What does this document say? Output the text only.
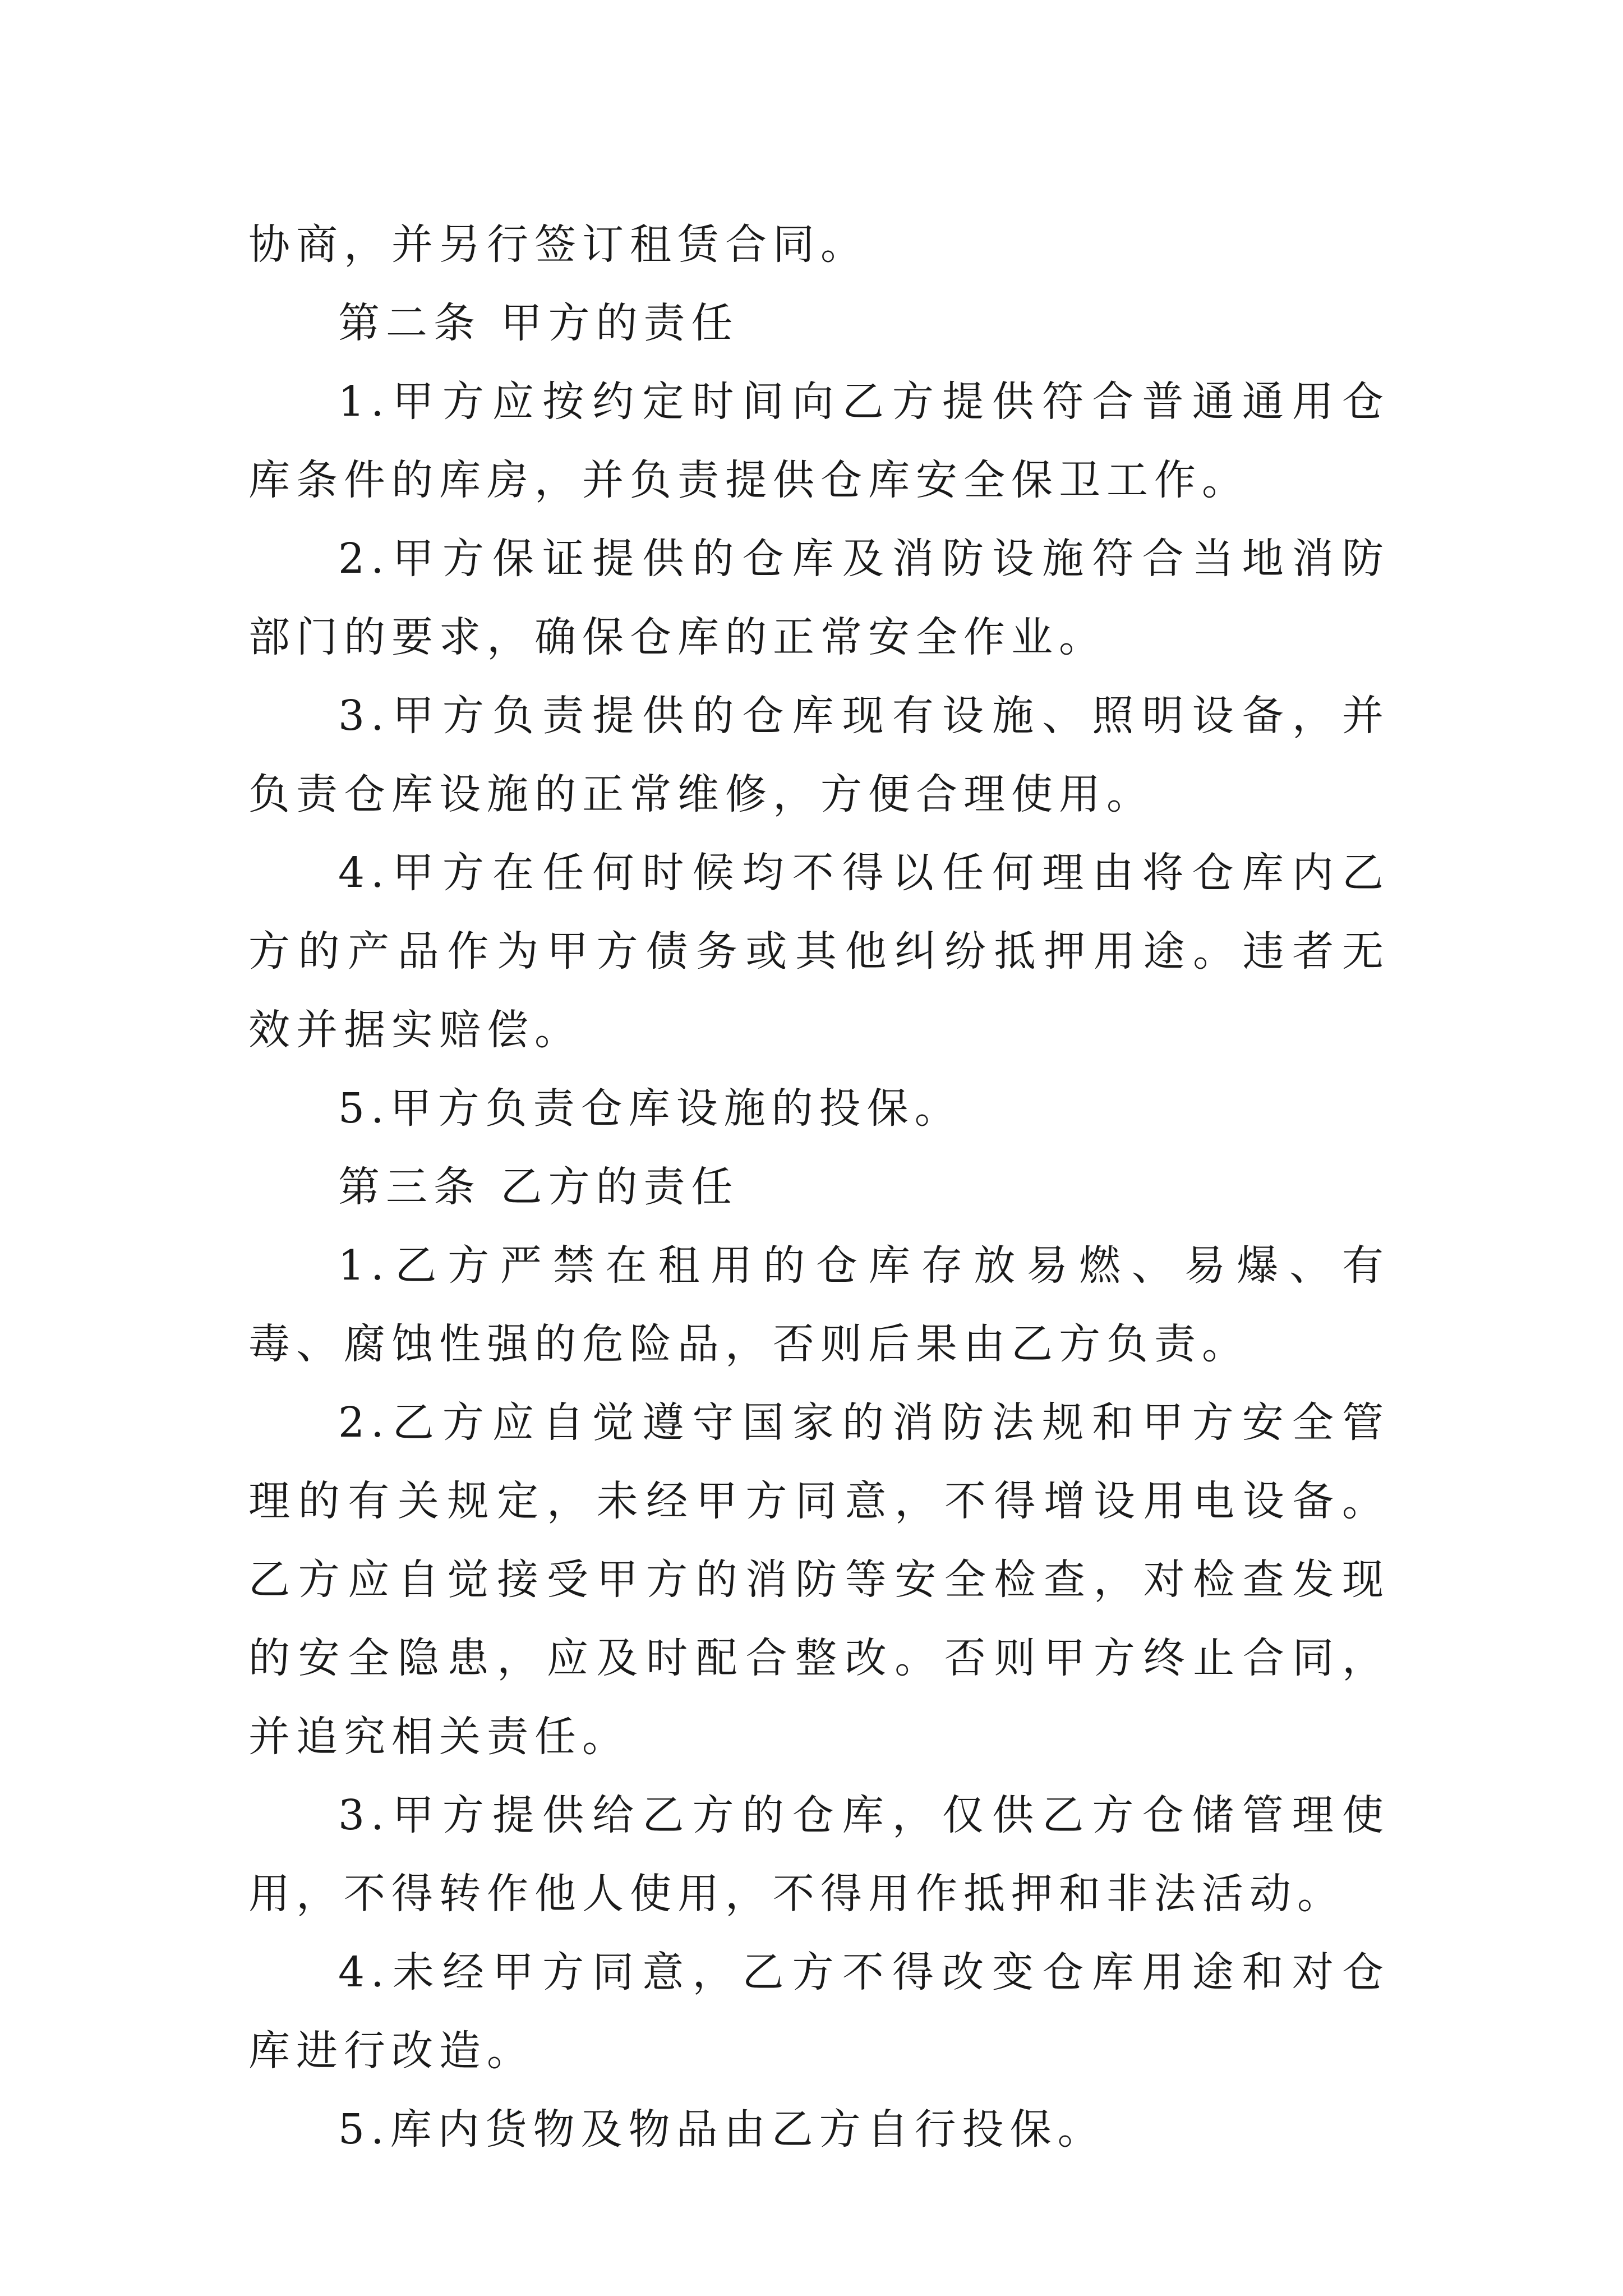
协商，并另行签订租赁合同。

第二条 甲方的责任

1.甲方应按约定时间向乙方提供符合普通通用仓库条件的库房，并负责提供仓库安全保卫工作。

2.甲方保证提供的仓库及消防设施符合当地消防部门的要求，确保仓库的正常安全作业。

3.甲方负责提供的仓库现有设施、照明设备，并负责仓库设施的正常维修，方便合理使用。

4.甲方在任何时候均不得以任何理由将仓库内乙方的产品作为甲方债务或其他纠纷抵押用途。违者无效并据实赔偿。

5.甲方负责仓库设施的投保。

第三条 乙方的责任

1.乙方严禁在租用的仓库存放易燃、易爆、有毒、腐蚀性强的危险品，否则后果由乙方负责。

2.乙方应自觉遵守国家的消防法规和甲方安全管理的有关规定，未经甲方同意，不得增设用电设备。乙方应自觉接受甲方的消防等安全检查，对检查发现的安全隐患，应及时配合整改。否则甲方终止合同，并追究相关责任。

3.甲方提供给乙方的仓库，仅供乙方仓储管理使用，不得转作他人使用，不得用作抵押和非法活动。

4.未经甲方同意，乙方不得改变仓库用途和对仓库进行改造。

5.库内货物及物品由乙方自行投保。
